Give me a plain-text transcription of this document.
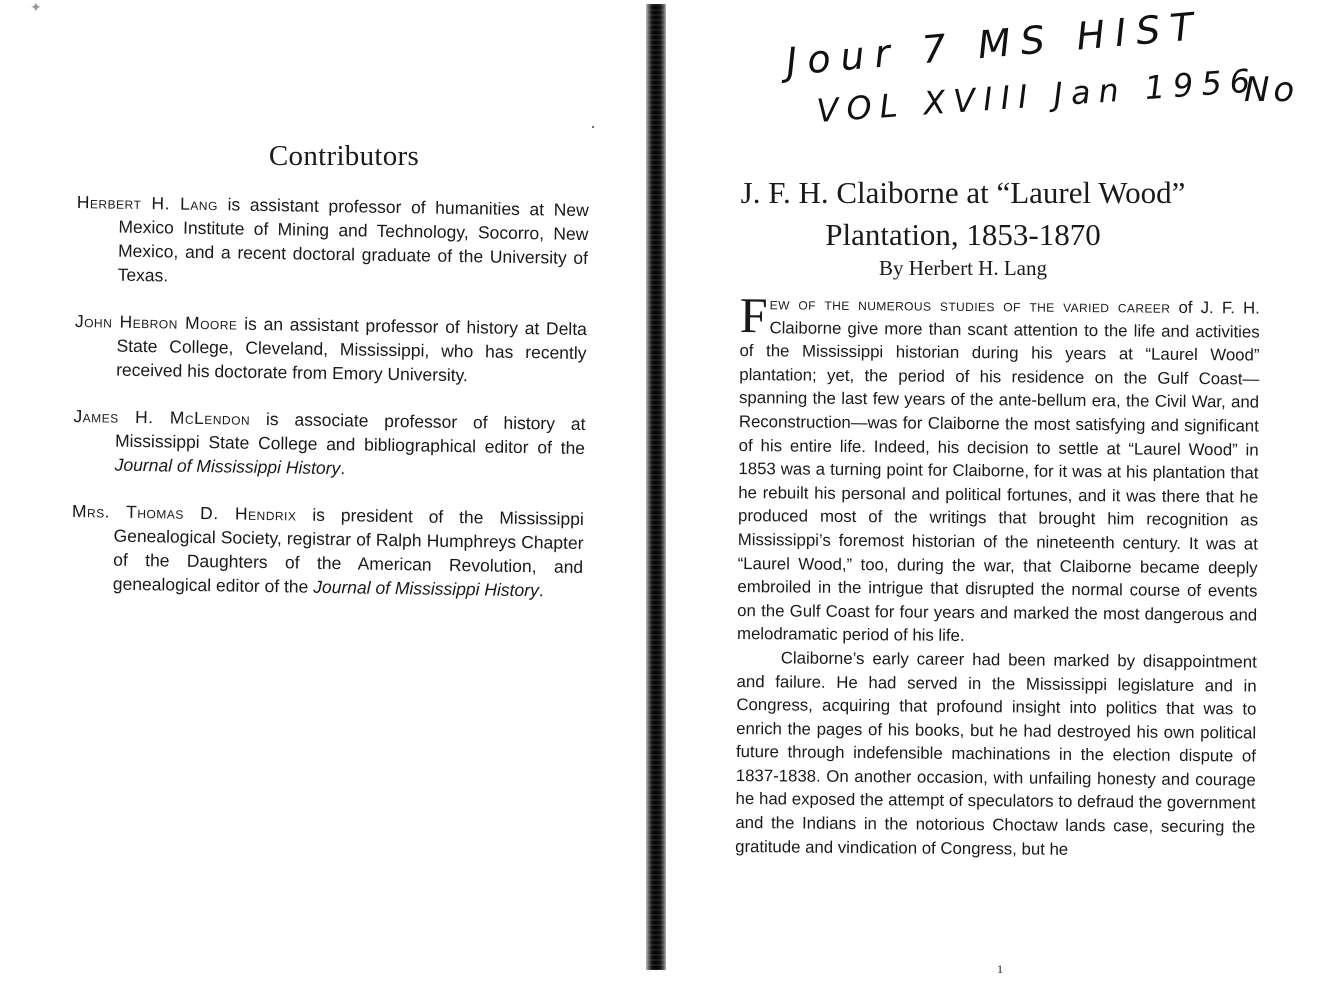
✦
Contributors

Herbert H. Lang is assistant professor of humanities at New Mexico Institute of Mining and Technology, Socorro, New Mexico, and a recent doctoral graduate of the University of Texas.

John Hebron Moore is an assistant professor of history at Delta State College, Cleveland, Mississippi, who has recently received his doctorate from Emory University.

James H. McLendon is associate professor of history at Mississippi State College and bibliographical editor of the Journal of Mississippi History.

Mrs. Thomas D. Hendrix is president of the Mississippi Genealogical Society, registrar of Ralph Humphreys Chapter of the Daughters of the American Revolution, and genealogical editor of the Journal of Mississippi History.

Jour 7 MS HIST
VOL XVIII Jan 1956
No
J. F. H. Claiborne at “Laurel Wood”
Plantation, 1853-1870

By Herbert H. Lang

Few of the numerous studies of the varied career of J. F. H. Claiborne give more than scant attention to the life and activities of the Mississippi historian during his years at “Laurel Wood” plantation; yet, the period of his residence on the Gulf Coast—spanning the last few years of the ante-bellum era, the Civil War, and Reconstruction—was for Claiborne the most satisfying and significant of his entire life. Indeed, his decision to settle at “Laurel Wood” in 1853 was a turning point for Claiborne, for it was at his plantation that he rebuilt his personal and political fortunes, and it was there that he produced most of the writings that brought him recognition as Mississippi’s foremost historian of the nineteenth century. It was at “Laurel Wood,” too, during the war, that Claiborne became deeply embroiled in the intrigue that disrupted the normal course of events on the Gulf Coast for four years and marked the most dangerous and melodramatic period of his life.

Claiborne’s early career had been marked by disappointment and failure. He had served in the Mississippi legislature and in Congress, acquiring that profound insight into politics that was to enrich the pages of his books, but he had destroyed his own political future through indefensible machinations in the election dispute of 1837-1838. On another occasion, with unfailing honesty and courage he had exposed the attempt of speculators to defraud the government and the Indians in the notorious Choctaw lands case, securing the gratitude and vindication of Congress, but he

1
